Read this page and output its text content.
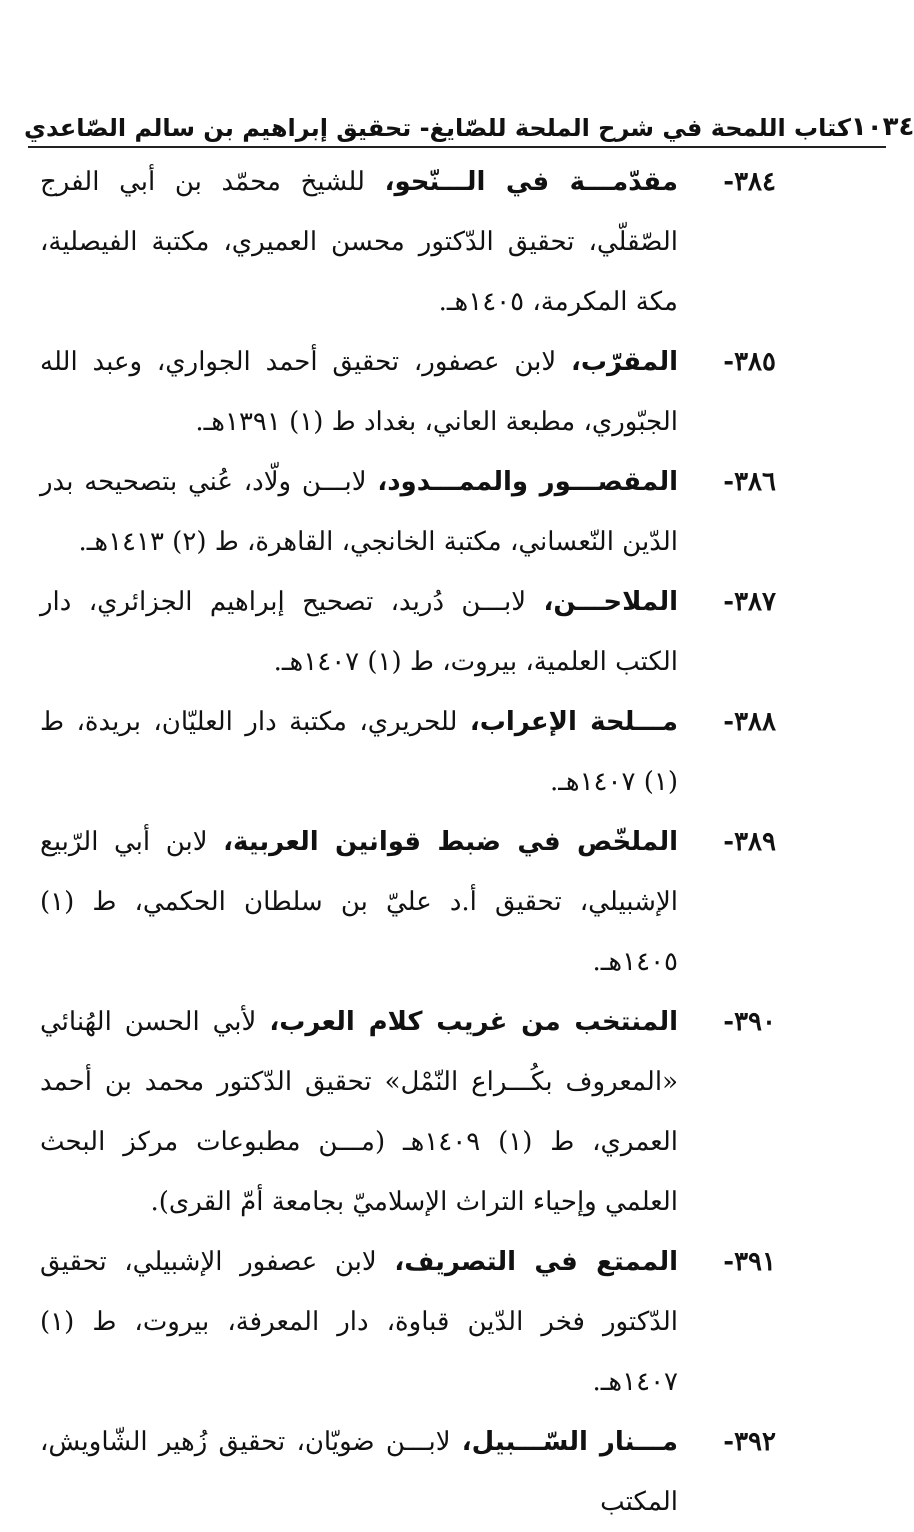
كتاب اللمحة في شرح الملحة للصّايغ- تحقيق إبراهيم بن سالم الصّاعدي ١٠٣٤

٣٨٤-
مقدّمـــة في الـــنّحو، للشيخ محمّد بن أبي الفرج الصّقلّي، تحقيق الدّكتور محسن العميري، مكتبة الفيصلية، مكة المكرمة، ١٤٠٥هـ.

٣٨٥-
المقرّب، لابن عصفور، تحقيق أحمد الجواري، وعبد الله الجبّوري، مطبعة العاني، بغداد ط (١) ١٣٩١هـ.

٣٨٦-
المقصـــور والممـــدود، لابـــن ولّاد، عُني بتصحيحه بدر الدّين النّعساني، مكتبة الخانجي، القاهرة، ط (٢) ١٤١٣هـ.

٣٨٧-
الملاحـــن، لابـــن دُريد، تصحيح إبراهيم الجزائري، دار الكتب العلمية، بيروت، ط (١) ١٤٠٧هـ.

٣٨٨-
مـــلحة الإعراب، للحريري، مكتبة دار العليّان، بريدة، ط (١) ١٤٠٧هـ.

٣٨٩-
الملخّص في ضبط قوانين العربية، لابن أبي الرّبيع الإشبيلي، تحقيق أ.د عليّ بن سلطان الحكمي، ط (١) ١٤٠٥هـ.

٣٩٠-
المنتخب من غريب كلام العرب، لأبي الحسن الهُنائي «المعروف بكُـــراع النّمْل» تحقيق الدّكتور محمد بن أحمد العمري، ط (١) ١٤٠٩هـ (مـــن مطبوعات مركز البحث العلمي وإحياء التراث الإسلاميّ بجامعة أمّ القرى).

٣٩١-
الممتع في التصريف، لابن عصفور الإشبيلي، تحقيق الدّكتور فخر الدّين قباوة، دار المعرفة، بيروت، ط (١) ١٤٠٧هـ.

٣٩٢-
مـــنار السّـــبيل، لابـــن ضويّان، تحقيق زُهير الشّاويش، المكتب
